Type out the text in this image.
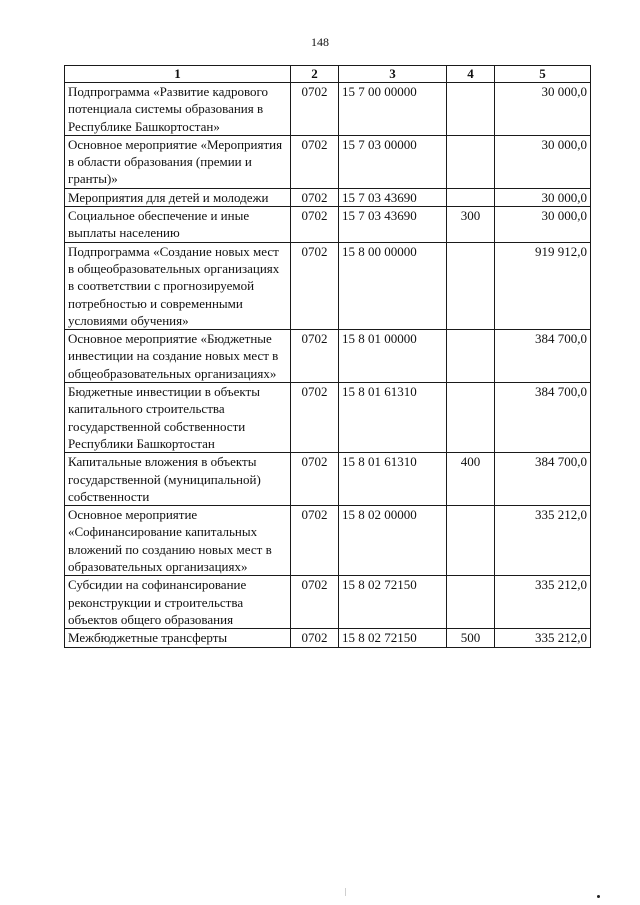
148
1	2	3	4	5
Подпрограмма «Развитие кадрового потенциала системы образования в Республике Башкортостан»	0702	15 7 00 00000		30 000,0
Основное мероприятие «Мероприятия в области образования (премии и гранты)»	0702	15 7 03 00000		30 000,0
Мероприятия для детей и молодежи	0702	15 7 03 43690		30 000,0
Социальное обеспечение и иные выплаты населению	0702	15 7 03 43690	300	30 000,0
Подпрограмма «Создание новых мест в общеобразовательных организациях в соответствии с прогнозируемой потребностью и современными условиями обучения»	0702	15 8 00 00000		919 912,0
Основное мероприятие «Бюджетные инвестиции на создание новых мест в общеобразовательных организациях»	0702	15 8 01 00000		384 700,0
Бюджетные инвестиции в объекты капитального строительства государственной собственности Республики Башкортостан	0702	15 8 01 61310		384 700,0
Капитальные вложения в объекты государственной (муниципальной) собственности	0702	15 8 01 61310	400	384 700,0
Основное мероприятие «Софинансирование капитальных вложений по созданию новых мест в образовательных организациях»	0702	15 8 02 00000		335 212,0
Субсидии на софинансирование реконструкции и строительства объектов общего образования	0702	15 8 02 72150		335 212,0
Межбюджетные трансферты	0702	15 8 02 72150	500	335 212,0
